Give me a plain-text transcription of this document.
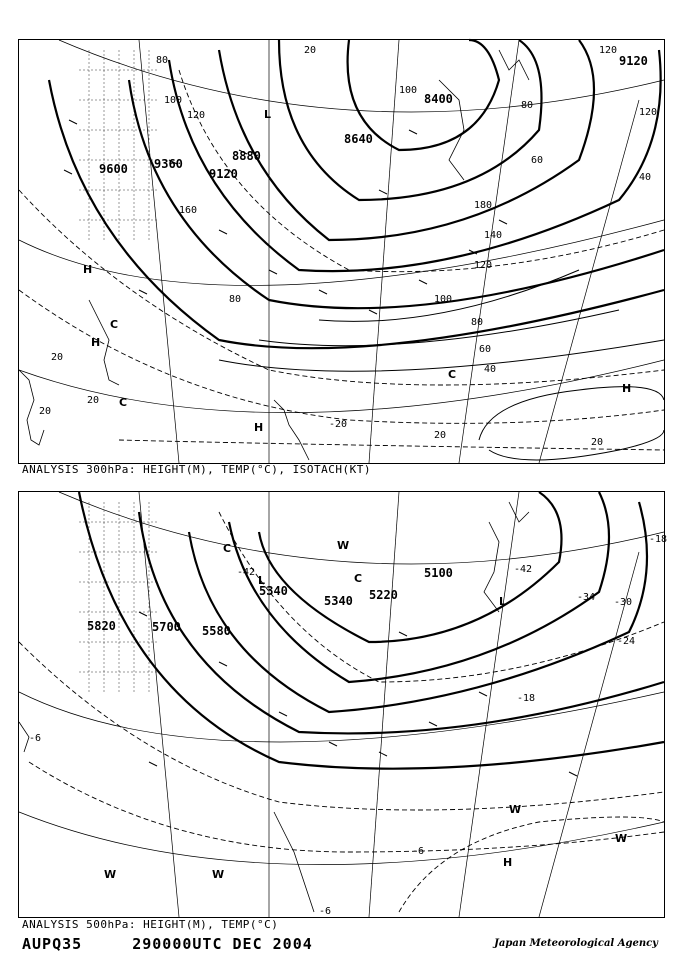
9600 9360
9120
8880
8640
8400
9120
80
100
120
160	180
140
120
100
80
60
40
20
20
20
20
20
40
60
80
100
120
20
80
120
-20
H
L
C
C
C
H
H
H
ANALYSIS 300hPa: HEIGHT(M), TEMP(°C), ISOTACH(KT)
5820	5700 5580
5340
5340 5220
5100
-42	-42
-34 -30
-24
-18
-18
-6
-6
-6
L
L
W	W
W
H
W
W
C
C
ANALYSIS 500hPa: HEIGHT(M), TEMP(°C)
AUPQ35	290000UTC DEC 2004	Japan Meteorological Agency
